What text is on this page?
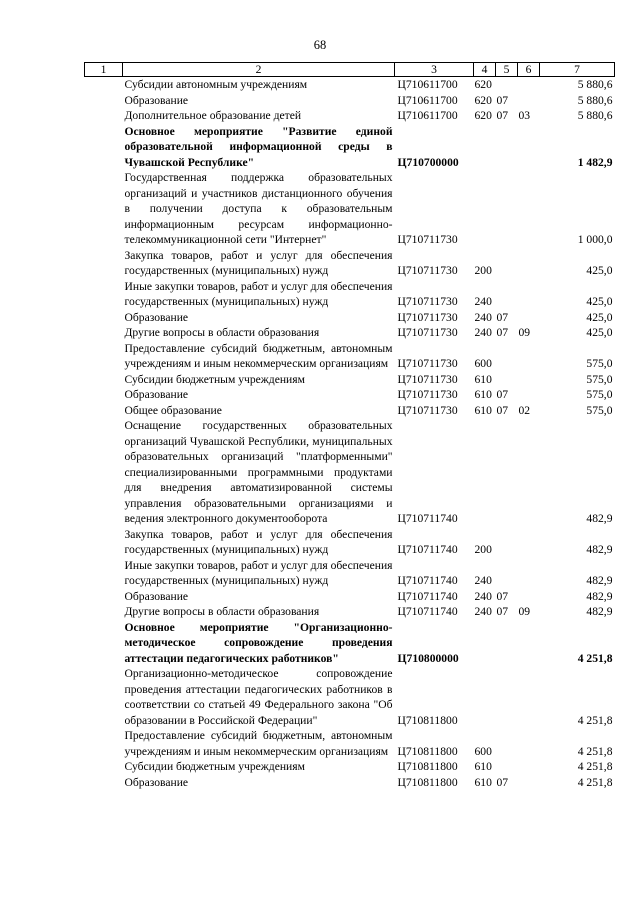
68
1	2	3	4	5	6	7
	Субсидии автономным учреждениям	Ц710611700	620			5 880,6
	Образование	Ц710611700	620	07		5 880,6
	Дополнительное образование детей	Ц710611700	620	07	03	5 880,6
	Основное мероприятие "Развитие единой образовательной информационной среды в Чувашской Республике"	Ц710700000				1 482,9
	Государственная поддержка образовательных организаций и участников дистанционного обучения в получении доступа к образовательным информационным ресурсам информационно-телекоммуникационной сети "Интернет"	Ц710711730				1 000,0
	Закупка товаров, работ и услуг для обеспечения государственных (муниципальных) нужд	Ц710711730	200			425,0
	Иные закупки товаров, работ и услуг для обеспечения государственных (муниципальных) нужд	Ц710711730	240			425,0
	Образование	Ц710711730	240	07		425,0
	Другие вопросы в области образования	Ц710711730	240	07	09	425,0
	Предоставление субсидий бюджетным, автономным учреждениям и иным некоммерческим организациям	Ц710711730	600			575,0
	Субсидии бюджетным учреждениям	Ц710711730	610			575,0
	Образование	Ц710711730	610	07		575,0
	Общее образование	Ц710711730	610	07	02	575,0
	Оснащение государственных образовательных организаций Чувашской Республики, муниципальных образовательных организаций "платформенными" специализированными программными продуктами для внедрения автоматизированной системы управления образовательными организациями и ведения электронного документооборота	Ц710711740				482,9
	Закупка товаров, работ и услуг для обеспечения государственных (муниципальных) нужд	Ц710711740	200			482,9
	Иные закупки товаров, работ и услуг для обеспечения государственных (муниципальных) нужд	Ц710711740	240			482,9
	Образование	Ц710711740	240	07		482,9
	Другие вопросы в области образования	Ц710711740	240	07	09	482,9
	Основное мероприятие "Организационно-методическое сопровождение проведения аттестации педагогических работников"	Ц710800000				4 251,8
	Организационно-методическое сопровождение проведения аттестации педагогических работников в соответствии со статьей 49 Федерального закона "Об образовании в Российской Федерации"	Ц710811800				4 251,8
	Предоставление субсидий бюджетным, автономным учреждениям и иным некоммерческим организациям	Ц710811800	600			4 251,8
	Субсидии бюджетным учреждениям	Ц710811800	610			4 251,8
	Образование	Ц710811800	610	07		4 251,8
